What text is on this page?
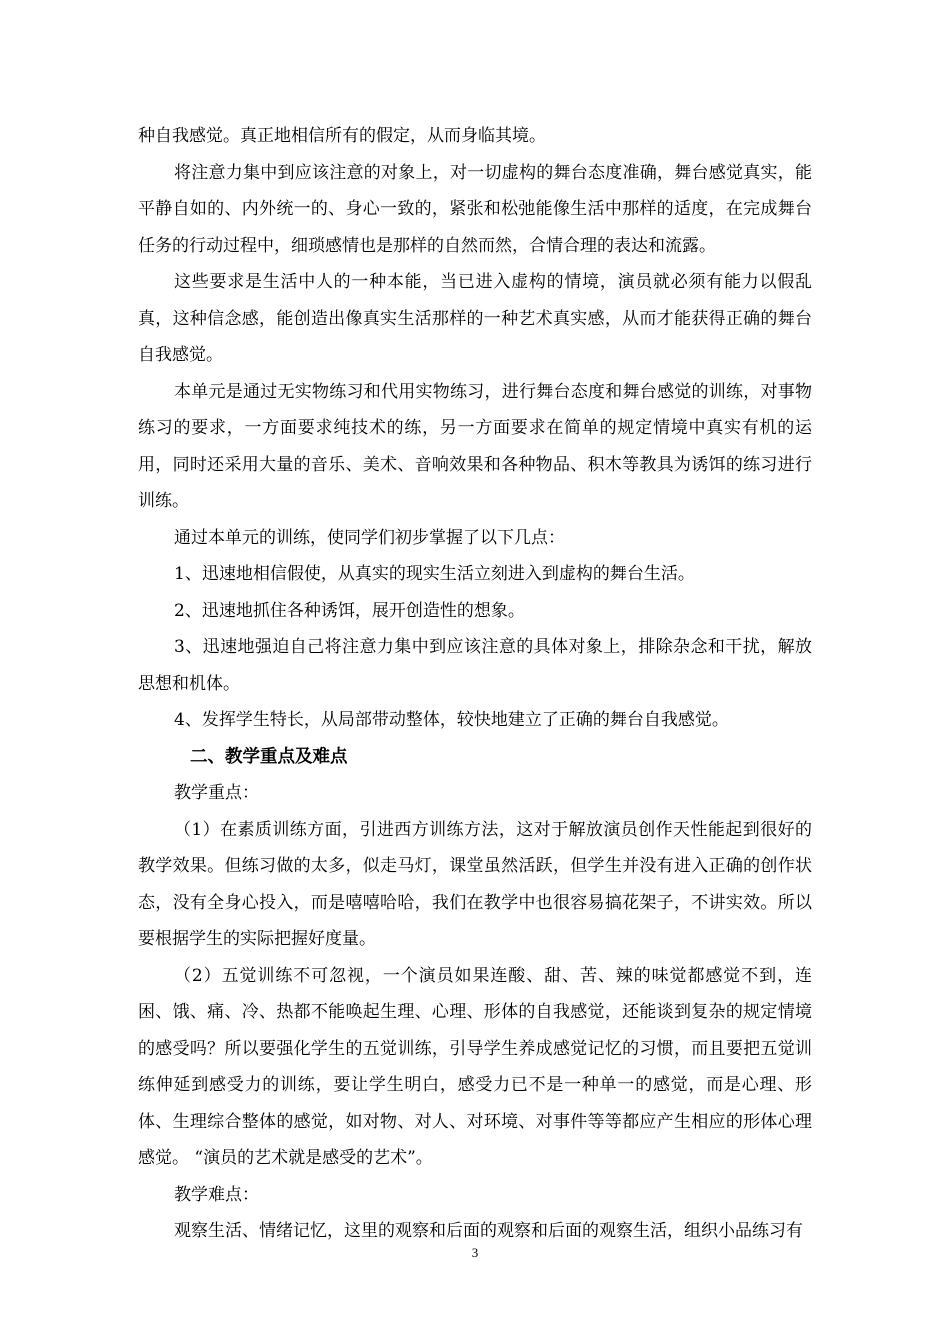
种自我感觉。真正地相信所有的假定，从而身临其境。

将注意力集中到应该注意的对象上，对一切虚构的舞台态度准确，舞台感觉真实，能平静自如的、内外统一的、身心一致的，紧张和松弛能像生活中那样的适度，在完成舞台任务的行动过程中，细琐感情也是那样的自然而然，合情合理的表达和流露。

这些要求是生活中人的一种本能，当已进入虚构的情境，演员就必须有能力以假乱真，这种信念感，能创造出像真实生活那样的一种艺术真实感，从而才能获得正确的舞台自我感觉。

本单元是通过无实物练习和代用实物练习，进行舞台态度和舞台感觉的训练，对事物练习的要求，一方面要求纯技术的练，另一方面要求在简单的规定情境中真实有机的运用，同时还采用大量的音乐、美术、音响效果和各种物品、积木等教具为诱饵的练习进行训练。

通过本单元的训练，使同学们初步掌握了以下几点：

1、迅速地相信假使，从真实的现实生活立刻进入到虚构的舞台生活。

2、迅速地抓住各种诱饵，展开创造性的想象。

3、迅速地强迫自己将注意力集中到应该注意的具体对象上，排除杂念和干扰，解放思想和机体。

4、发挥学生特长，从局部带动整体，较快地建立了正确的舞台自我感觉。

二、教学重点及难点

教学重点：

（1）在素质训练方面，引进西方训练方法，这对于解放演员创作天性能起到很好的教学效果。但练习做的太多，似走马灯，课堂虽然活跃，但学生并没有进入正确的创作状态，没有全身心投入，而是嘻嘻哈哈，我们在教学中也很容易搞花架子，不讲实效。所以要根据学生的实际把握好度量。

（2）五觉训练不可忽视，一个演员如果连酸、甜、苦、辣的味觉都感觉不到，连困、饿、痛、冷、热都不能唤起生理、心理、形体的自我感觉，还能谈到复杂的规定情境的感受吗？所以要强化学生的五觉训练，引导学生养成感觉记忆的习惯，而且要把五觉训练伸延到感受力的训练，要让学生明白，感受力已不是一种单一的感觉，而是心理、形体、生理综合整体的感觉，如对物、对人、对环境、对事件等等都应产生相应的形体心理感觉。 “演员的艺术就是感受的艺术”。

教学难点：

观察生活、情绪记忆，这里的观察和后面的观察和后面的观察生活，组织小品练习有

3
